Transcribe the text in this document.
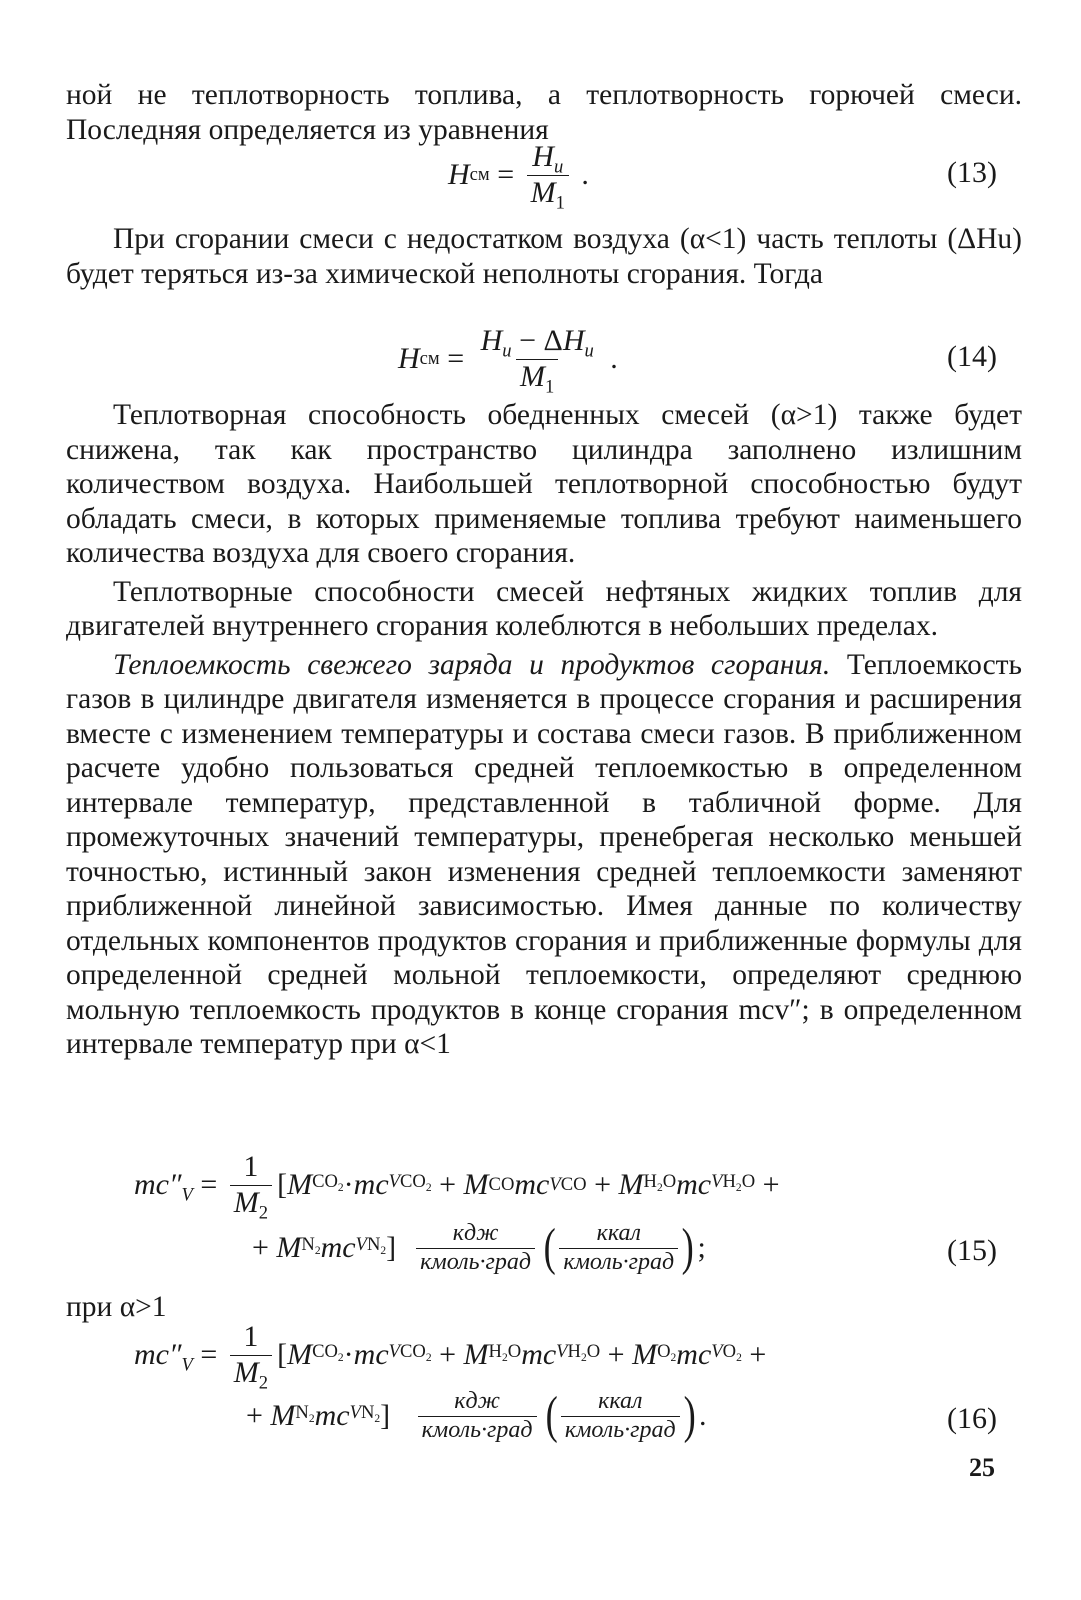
ной не теплотворность топлива, а теплотворность горючей смеси. Последняя определяется из уравнения

H см = $\frac{H_u}{M_1}$ .	(13)

При сгорании смеси с недостатком воздуха (α<1) часть теплоты (ΔHu) будет теряться из-за химической неполноты сгорания. Тогда

H см = $\frac{H_u - \Delta H_u}{M_1}$ .	(14)

Теплотворная способность обедненных смесей (α>1) также будет снижена, так как пространство цилиндра заполнено излишним количеством воздуха. Наибольшей теплотворной способностью будут обладать смеси, в которых применяемые топлива требуют наименьшего количества воздуха для своего сгорания.

Теплотворные способности смесей нефтяных жидких топлив для двигателей внутреннего сгорания колеблются в небольших пределах.

Теплоемкость свежего заряда и продуктов сгорания. Теплоемкость газов в цилиндре двигателя изменяется в процессе сгорания и расширения вместе с изменением температуры и состава смеси газов. В приближенном расчете удобно пользоваться средней теплоемкостью в определенном интервале температур, представленной в табличной форме. Для промежуточных значений температуры, пренебрегая несколько меньшей точностью, истинный закон изменения средней теплоемкости заменяют приближенной линейной зависимостью. Имея данные по количеству отдельных компонентов продуктов сгорания и приближенные формулы для определенной средней мольной теплоемкости, определяют среднюю мольную теплоемкость продуктов в конце сгорания mcv″; в определенном интервале температур при α<1

$mc''_V = \frac{1}{M_2}$ [ M $CO_2$ · mc $VCO_2 + M$ CO mc VCO + M $H_2O$ mc $VH_2O$ +
+ M $N_2$ mc $VN_2$ ] $\frac{\text{кдж}}{\text{кмоль·град}}$ ( $\frac{\text{ккал}}{\text{кмоль·град}}$ ) ;	(15)

при α>1

$mc''_V = \frac{1}{M_2}$ [ M $CO_2$ · mc $VCO_2 + M$ $H_2O$ mc $VH_2O + M$ $O_2$ mc $VO_2$ +
+ M $N_2$ mc $VN_2$ ] $\frac{\text{кдж}}{\text{кмоль·град}}$ ( $\frac{\text{ккал}}{\text{кмоль·град}}$ ) .	(16)
25
